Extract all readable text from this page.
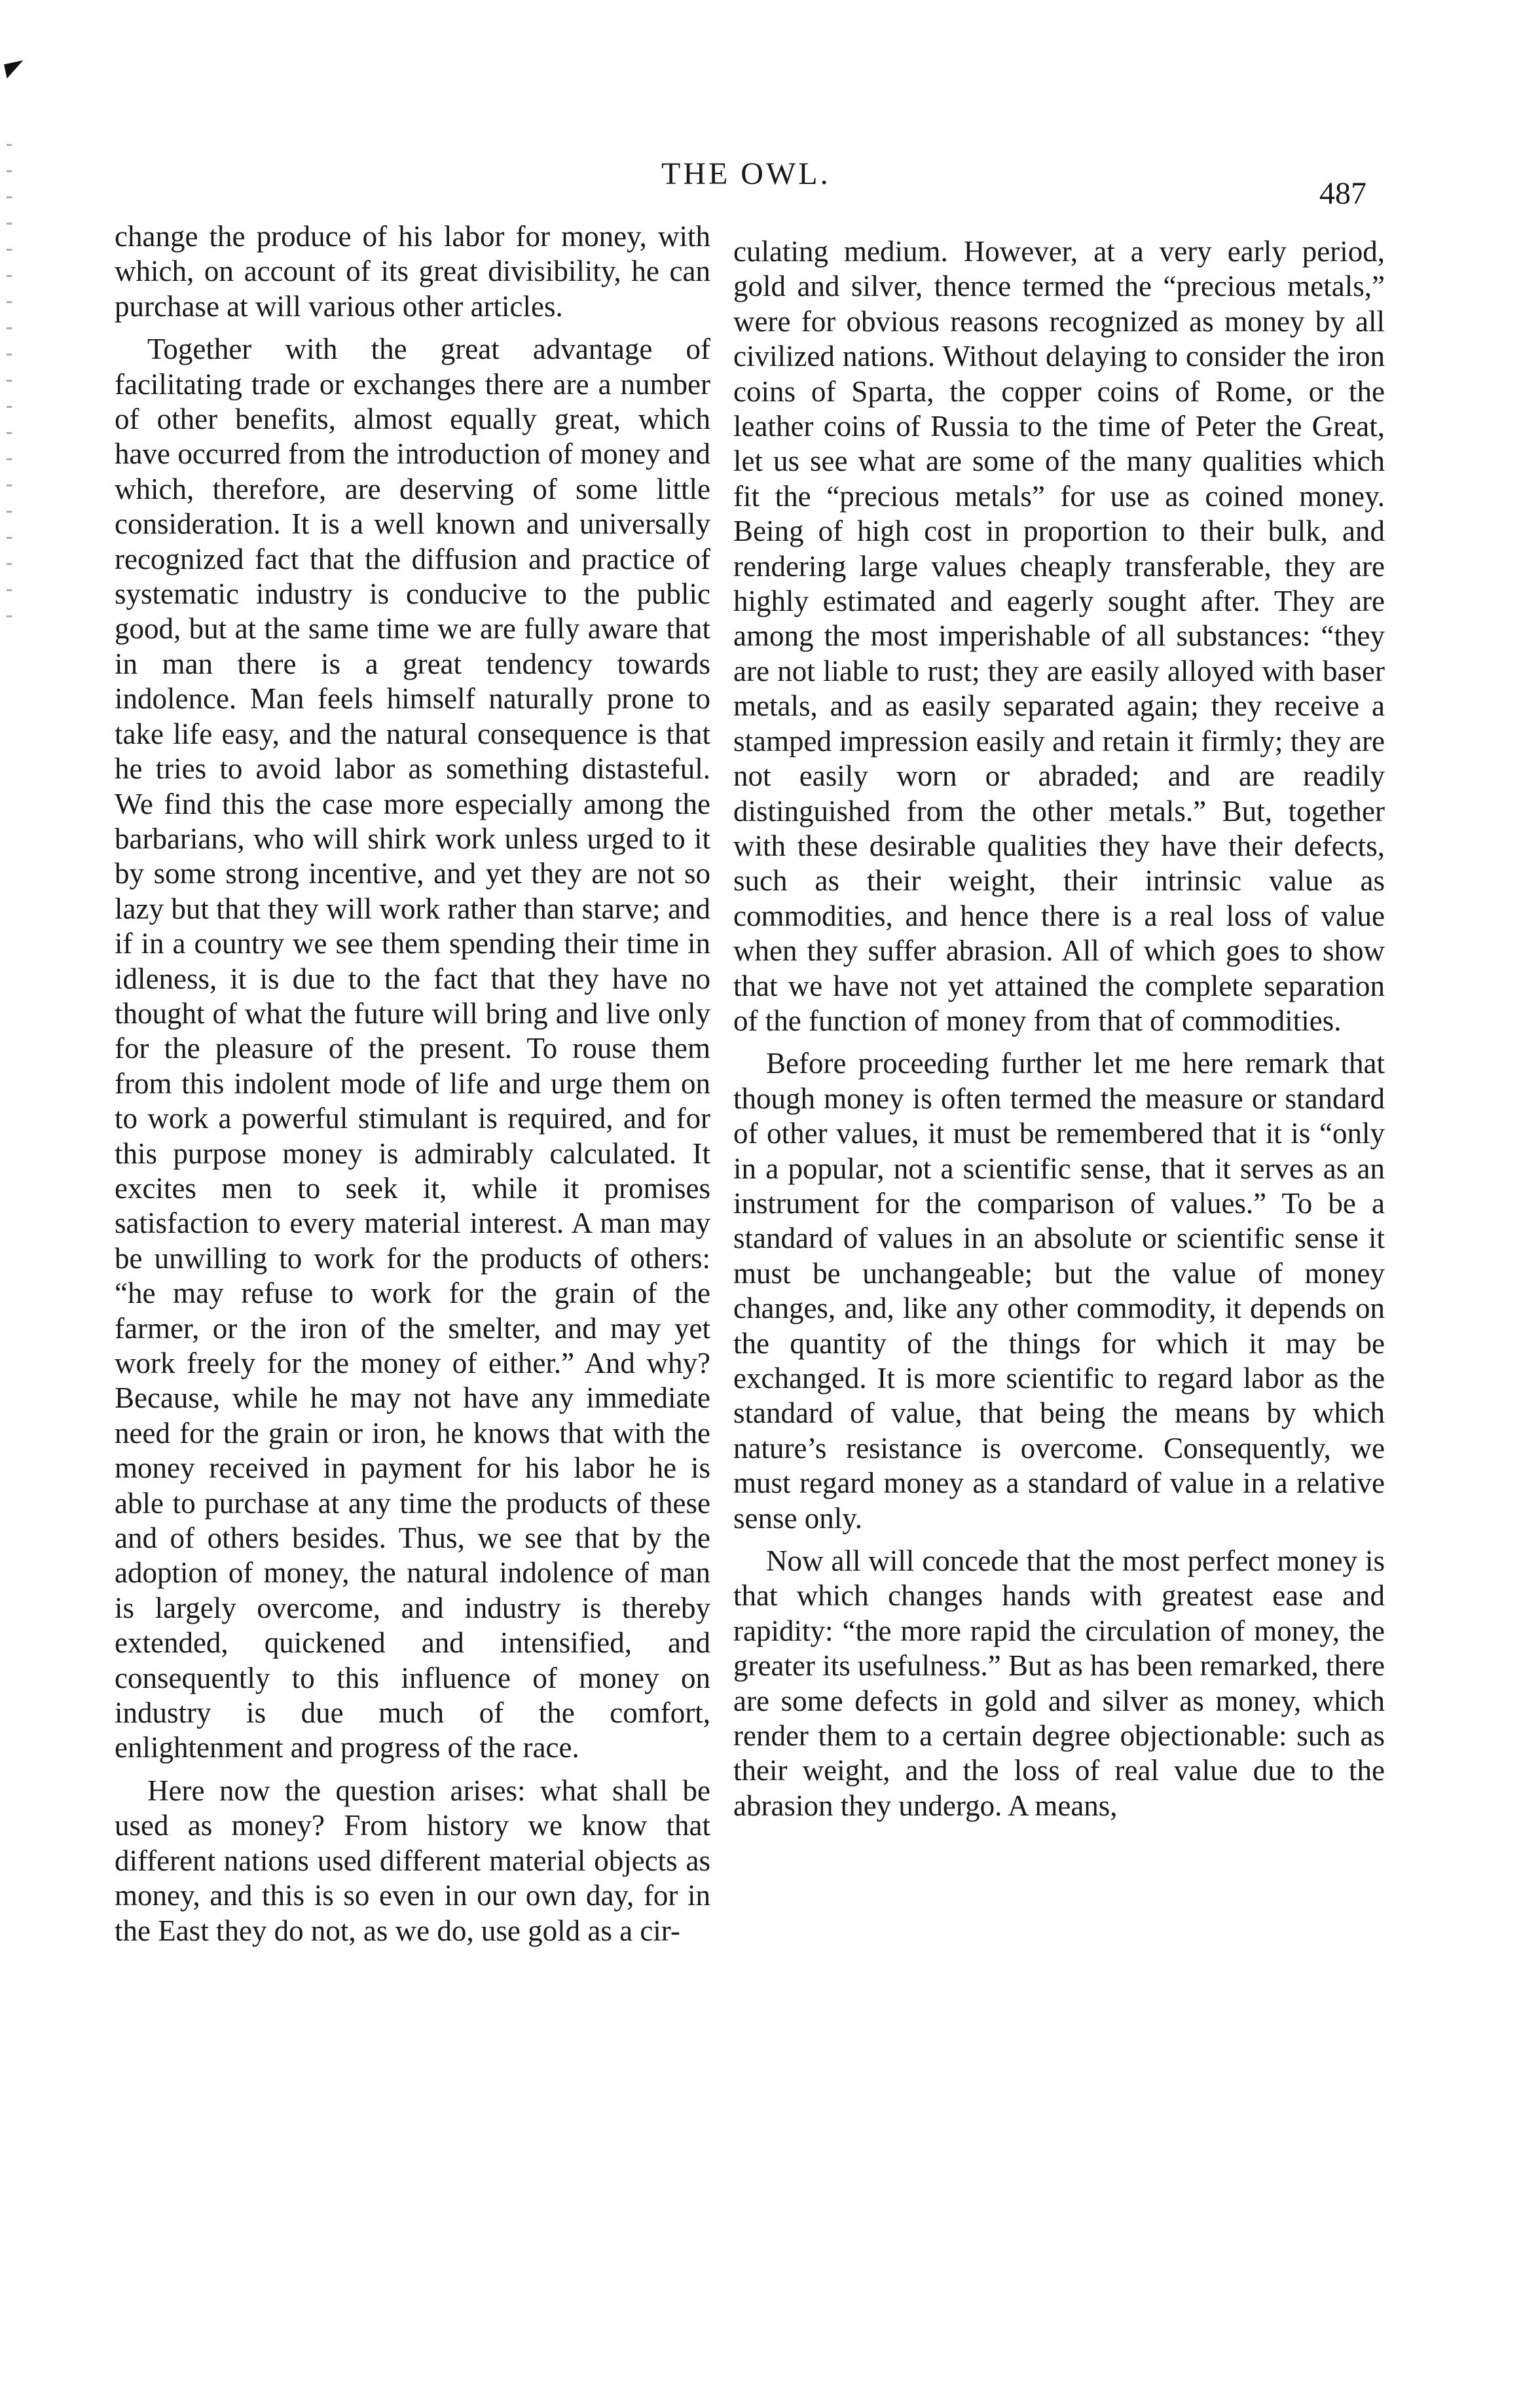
THE OWL.
487

change the produce of his labor for money, with which, on account of its great divisibility, he can purchase at will various other articles.

Together with the great advantage of facilitating trade or exchanges there are a number of other benefits, almost equally great, which have occurred from the introduction of money and which, therefore, are deserving of some little consideration. It is a well known and universally recognized fact that the diffusion and practice of systematic industry is conducive to the public good, but at the same time we are fully aware that in man there is a great tendency towards indolence. Man feels himself naturally prone to take life easy, and the natural consequence is that he tries to avoid labor as something distasteful. We find this the case more especially among the barbarians, who will shirk work unless urged to it by some strong incentive, and yet they are not so lazy but that they will work rather than starve; and if in a country we see them spending their time in idleness, it is due to the fact that they have no thought of what the future will bring and live only for the pleasure of the present. To rouse them from this indolent mode of life and urge them on to work a powerful stimulant is required, and for this purpose money is admirably calculated. It excites men to seek it, while it promises satisfaction to every material interest. A man may be unwilling to work for the products of others: “he may refuse to work for the grain of the farmer, or the iron of the smelter, and may yet work freely for the money of either.” And why? Because, while he may not have any immediate need for the grain or iron, he knows that with the money received in payment for his labor he is able to purchase at any time the products of these and of others besides. Thus, we see that by the adoption of money, the natural indolence of man is largely overcome, and industry is thereby extended, quickened and intensified, and consequently to this influence of money on industry is due much of the comfort, enlightenment and progress of the race.

Here now the question arises: what shall be used as money? From history we know that different nations used different material objects as money, and this is so even in our own day, for in the East they do not, as we do, use gold as a cir-

culating medium. However, at a very early period, gold and silver, thence termed the “precious metals,” were for obvious reasons recognized as money by all civilized nations. Without delaying to consider the iron coins of Sparta, the copper coins of Rome, or the leather coins of Russia to the time of Peter the Great, let us see what are some of the many qualities which fit the “precious metals” for use as coined money. Being of high cost in proportion to their bulk, and rendering large values cheaply transferable, they are highly estimated and eagerly sought after. They are among the most imperishable of all substances: “they are not liable to rust; they are easily alloyed with baser metals, and as easily separated again; they receive a stamped impression easily and retain it firmly; they are not easily worn or abraded; and are readily distinguished from the other metals.” But, together with these desirable qualities they have their defects, such as their weight, their intrinsic value as commodities, and hence there is a real loss of value when they suffer abrasion. All of which goes to show that we have not yet attained the complete separation of the function of money from that of commodities.

Before proceeding further let me here remark that though money is often termed the measure or standard of other values, it must be remembered that it is “only in a popular, not a scientific sense, that it serves as an instrument for the comparison of values.” To be a standard of values in an absolute or scientific sense it must be unchangeable; but the value of money changes, and, like any other commodity, it depends on the quantity of the things for which it may be exchanged. It is more scientific to regard labor as the standard of value, that being the means by which nature’s resistance is overcome. Consequently, we must regard money as a standard of value in a relative sense only.

Now all will concede that the most perfect money is that which changes hands with greatest ease and rapidity: “the more rapid the circulation of money, the greater its usefulness.” But as has been remarked, there are some defects in gold and silver as money, which render them to a certain degree objectionable: such as their weight, and the loss of real value due to the abrasion they undergo. A means,
